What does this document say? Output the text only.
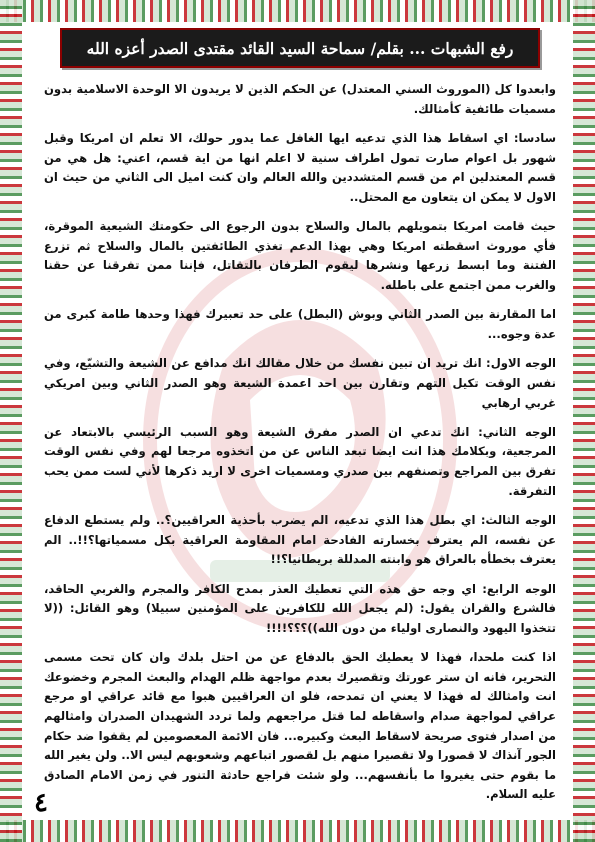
رفع الشبهات ... بقلم/ سماحة السيد القائد مقتدى الصدر أعزه الله

وابعدوا كل (الموروث السني المعتدل) عن الحكم الذين لا يريدون الا الوحدة الاسلامية بدون مسميات طائفية كأمثالك.

سادسا: اي اسقاط هذا الذي تدعيه ايها الغافل عما يدور حولك، الا تعلم ان امريكا وقبل شهور بل اعوام صارت تمول اطراف سنية لا اعلم انها من اية قسم، اعني: هل هي من قسم المعتدلين ام من قسم المتشددين والله العالم وان كنت اميل الى الثاني من حيث ان الاول لا يمكن ان يتعاون مع المحتل..

حيث قامت امريكا بتمويلهم بالمال والسلاح بدون الرجوع الى حكومتك الشيعية الموقرة، فأي موروث اسقطته امريكا وهي بهذا الدعم تغذي الطائفتين بالمال والسلاح ثم تزرع الفتنة وما ابسط زرعها ونشرها ليقوم الطرفان بالتقاتل، فإننا ممن تفرقنا عن حقنا والغرب ممن اجتمع على باطله.

اما المقارنة بين الصدر الثاني وبوش (البطل) على حد تعبيرك فهذا وحدها طامة كبرى من عدة وجوه...

الوجه الاول: انك تريد ان تبين نفسك من خلال مقالك انك مدافع عن الشيعة والتشيّع، وفي نفس الوقت تكيل التهم وتقارن بين احد اعمدة الشيعة وهو الصدر الثاني وبين امريكي غربي ارهابي

الوجه الثاني: انك تدعي ان الصدر مفرق الشيعة وهو السبب الرئيسي بالابتعاد عن المرجعية، وبكلامك هذا انت ايضا تبعد الناس عن من اتخذوه مرجعا لهم وفي نفس الوقت تفرق بين المراجع وتصنفهم بين صدري ومسميات اخرى لا اريد ذكرها لأني لست ممن يحب التفرقة.

الوجه الثالث: اي بطل هذا الذي تدعيه، الم يضرب بأحذية العراقيين؟.. ولم يستطع الدفاع عن نفسه، الم يعترف بخسارته الفادحة امام المقاومة العراقية بكل مسمياتها؟!!.. الم يعترف بخطأه بالعراق هو وابنته المدللة بريطانيا؟!!

الوجه الرابع: اي وجه حق هذه التي تعطيك العذر بمدح الكافر والمجرم والغربي الحاقد، فالشرع والقران يقول: (لم يجعل الله للكافرين على المؤمنين سبيلا) وهو القائل: ((لا تتخذوا اليهود والنصارى اولياء من دون الله))؟؟؟!!!!

اذا كنت ملحدا، فهذا لا يعطيك الحق بالدفاع عن من احتل بلدك وان كان تحت مسمى التحرير، فانه ان ستر عورتك وتقصيرك بعدم مواجهة ظلم الهدام والبعث المجرم وخضوعك انت وامثالك له فهذا لا يعني ان تمدحه، فلو ان العراقيين هبوا مع قائد عراقي او مرجع عراقي لمواجهة صدام واسقاطه لما قتل مراجعهم ولما تردد الشهيدان الصدران وامثالهم من اصدار فتوى صريحة لاسقاط البعث وكبيره... فان الائمة المعصومين لم يقفوا ضد حكام الجور آنذاك لا قصورا ولا تقصيرا منهم بل لقصور اتباعهم وشعوبهم ليس الا.. ولن يغير الله ما بقوم حتى يغيروا ما بأنفسهم... ولو شئت فراجع حادثة التنور في زمن الامام الصادق عليه السلام.

٤
